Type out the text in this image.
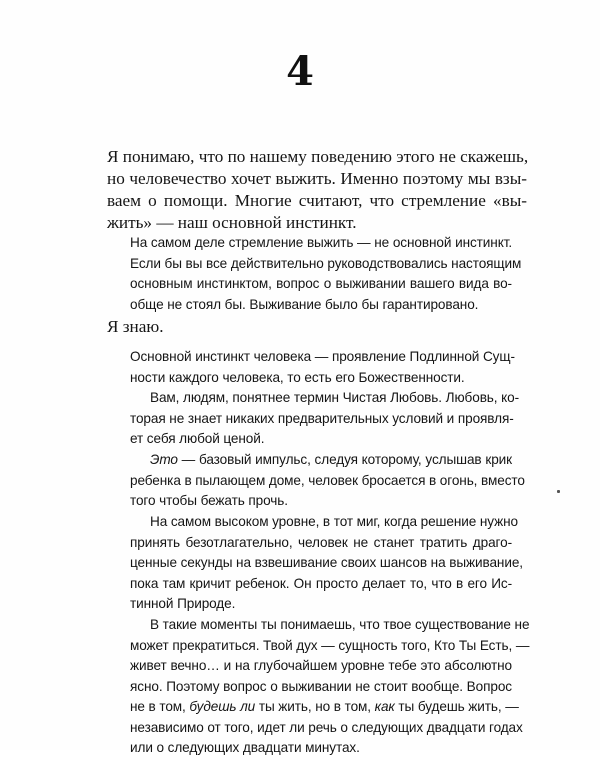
4
Я понимаю, что по нашему поведению этого не скажешь,
но человечество хочет выжить. Именно поэтому мы взы-
ваем о помощи. Многие считают, что стремление «вы-
жить» — наш основной инстинкт.
На самом деле стремление выжить — не основной инстинкт.
Если бы вы все действительно руководствовались настоящим
основным инстинктом, вопрос о выживании вашего вида во-
обще не стоял бы. Выживание было бы гарантировано.
Я знаю.
Основной инстинкт человека — проявление Подлинной Сущ-
ности каждого человека, то есть его Божественности.
Вам, людям, понятнее термин Чистая Любовь. Любовь, ко-
торая не знает никаких предварительных условий и проявля-
ет себя любой ценой.
Это — базовый импульс, следуя которому, услышав крик
ребенка в пылающем доме, человек бросается в огонь, вместо
того чтобы бежать прочь.
На самом высоком уровне, в тот миг, когда решение нужно
принять безотлагательно, человек не станет тратить драго-
ценные секунды на взвешивание своих шансов на выживание,
пока там кричит ребенок. Он просто делает то, что в его Ис-
тинной Природе.
В такие моменты ты понимаешь, что твое существование не
может прекратиться. Твой дух — сущность того, Кто Ты Есть, —
живет вечно… и на глубочайшем уровне тебе это абсолютно
ясно. Поэтому вопрос о выживании не стоит вообще. Вопрос
не в том, будешь ли ты жить, но в том, как ты будешь жить, —
независимо от того, идет ли речь о следующих двадцати годах
или о следующих двадцати минутах.
